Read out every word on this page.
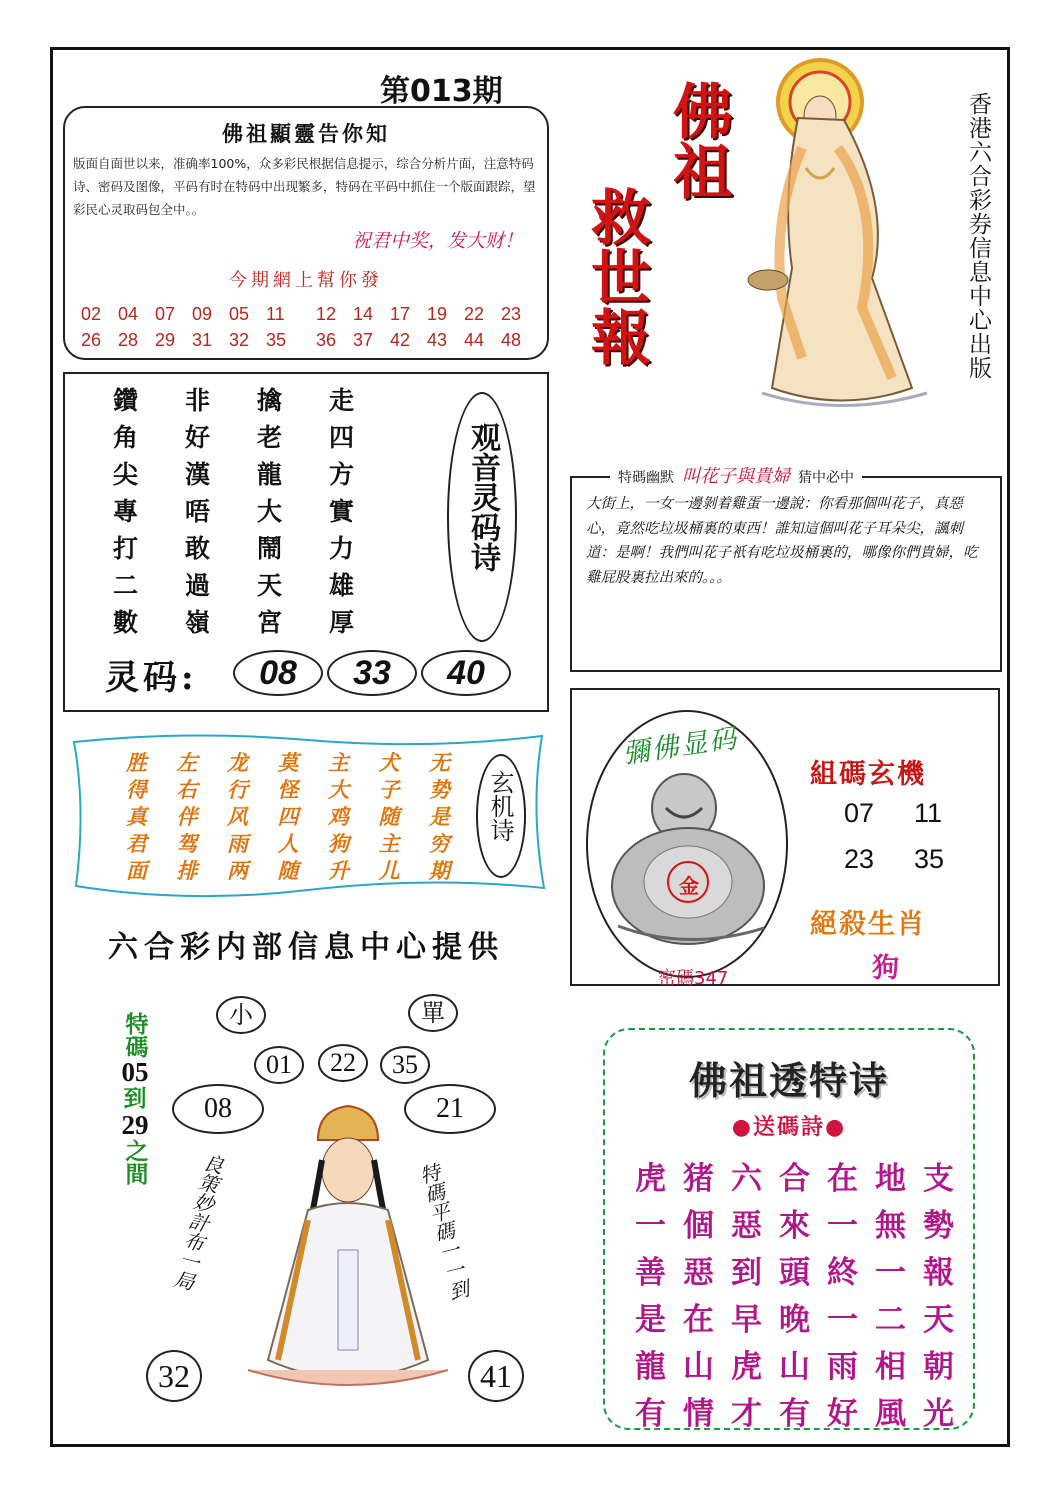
第013期
佛祖顯靈告你知
版面自面世以来，准确率100%，众多彩民根据信息提示，综合分析片面，注意特码诗、密码及图像，平码有时在特码中出现繁多，特码在平码中抓住一个版面跟踪，望彩民心灵取码包全中。。
祝君中奖，发大财！
今期網上幫你發
02 04 07 09 05 11 12 14 17 19 22 23
26 28 29 31 32 35 36 37 42 43 44 48
佛祖
救世報	香港六合彩券信息中心出版
鑽	非	擒	走
角	好	老	四
尖	漢	龍	方
專	唔	大	實
打	敢	鬧	力
二	過	天	雄
數	嶺	宮	厚
观音灵码诗
灵码:	08	33	40
大街上，一女一邊剝着雞蛋一邊說：你看那個叫花子，真惡心，竟然吃垃圾桶裏的東西！誰知這個叫花子耳朵尖，諷刺道：是啊！我們叫花子衹有吃垃圾桶裏的，哪像你們貴婦，吃雞屁股裏拉出來的。。。
特碼幽默 叫花子與貴婦 猜中必中
胜	左	龙	莫	主	犬	无
得	右	行	怪	大	子	势
真	伴	风	四	鸡	随	是
君	驾	雨	人	狗	主	穷
面	排	两	随	升	儿	期
玄机诗
彌佛显码
金
密碼347
組碼玄機
07 11
23 35
絕殺生肖
狗
六合彩内部信息中心提供
小	單
01	22	35
08	21
特碼
05
到
29
之間 良策妙計布一局	特碼平碼一一到
32	41
佛祖透特诗
●送碼詩●
虎 猪 六 合 在 地 支
一 個 惡 來 一 無 勢
善 惡 到 頭 終 一 報
是 在 早 晚 一 二 天
龍 山 虎 山 雨 相 朝
有 情 才 有 好 風 光
